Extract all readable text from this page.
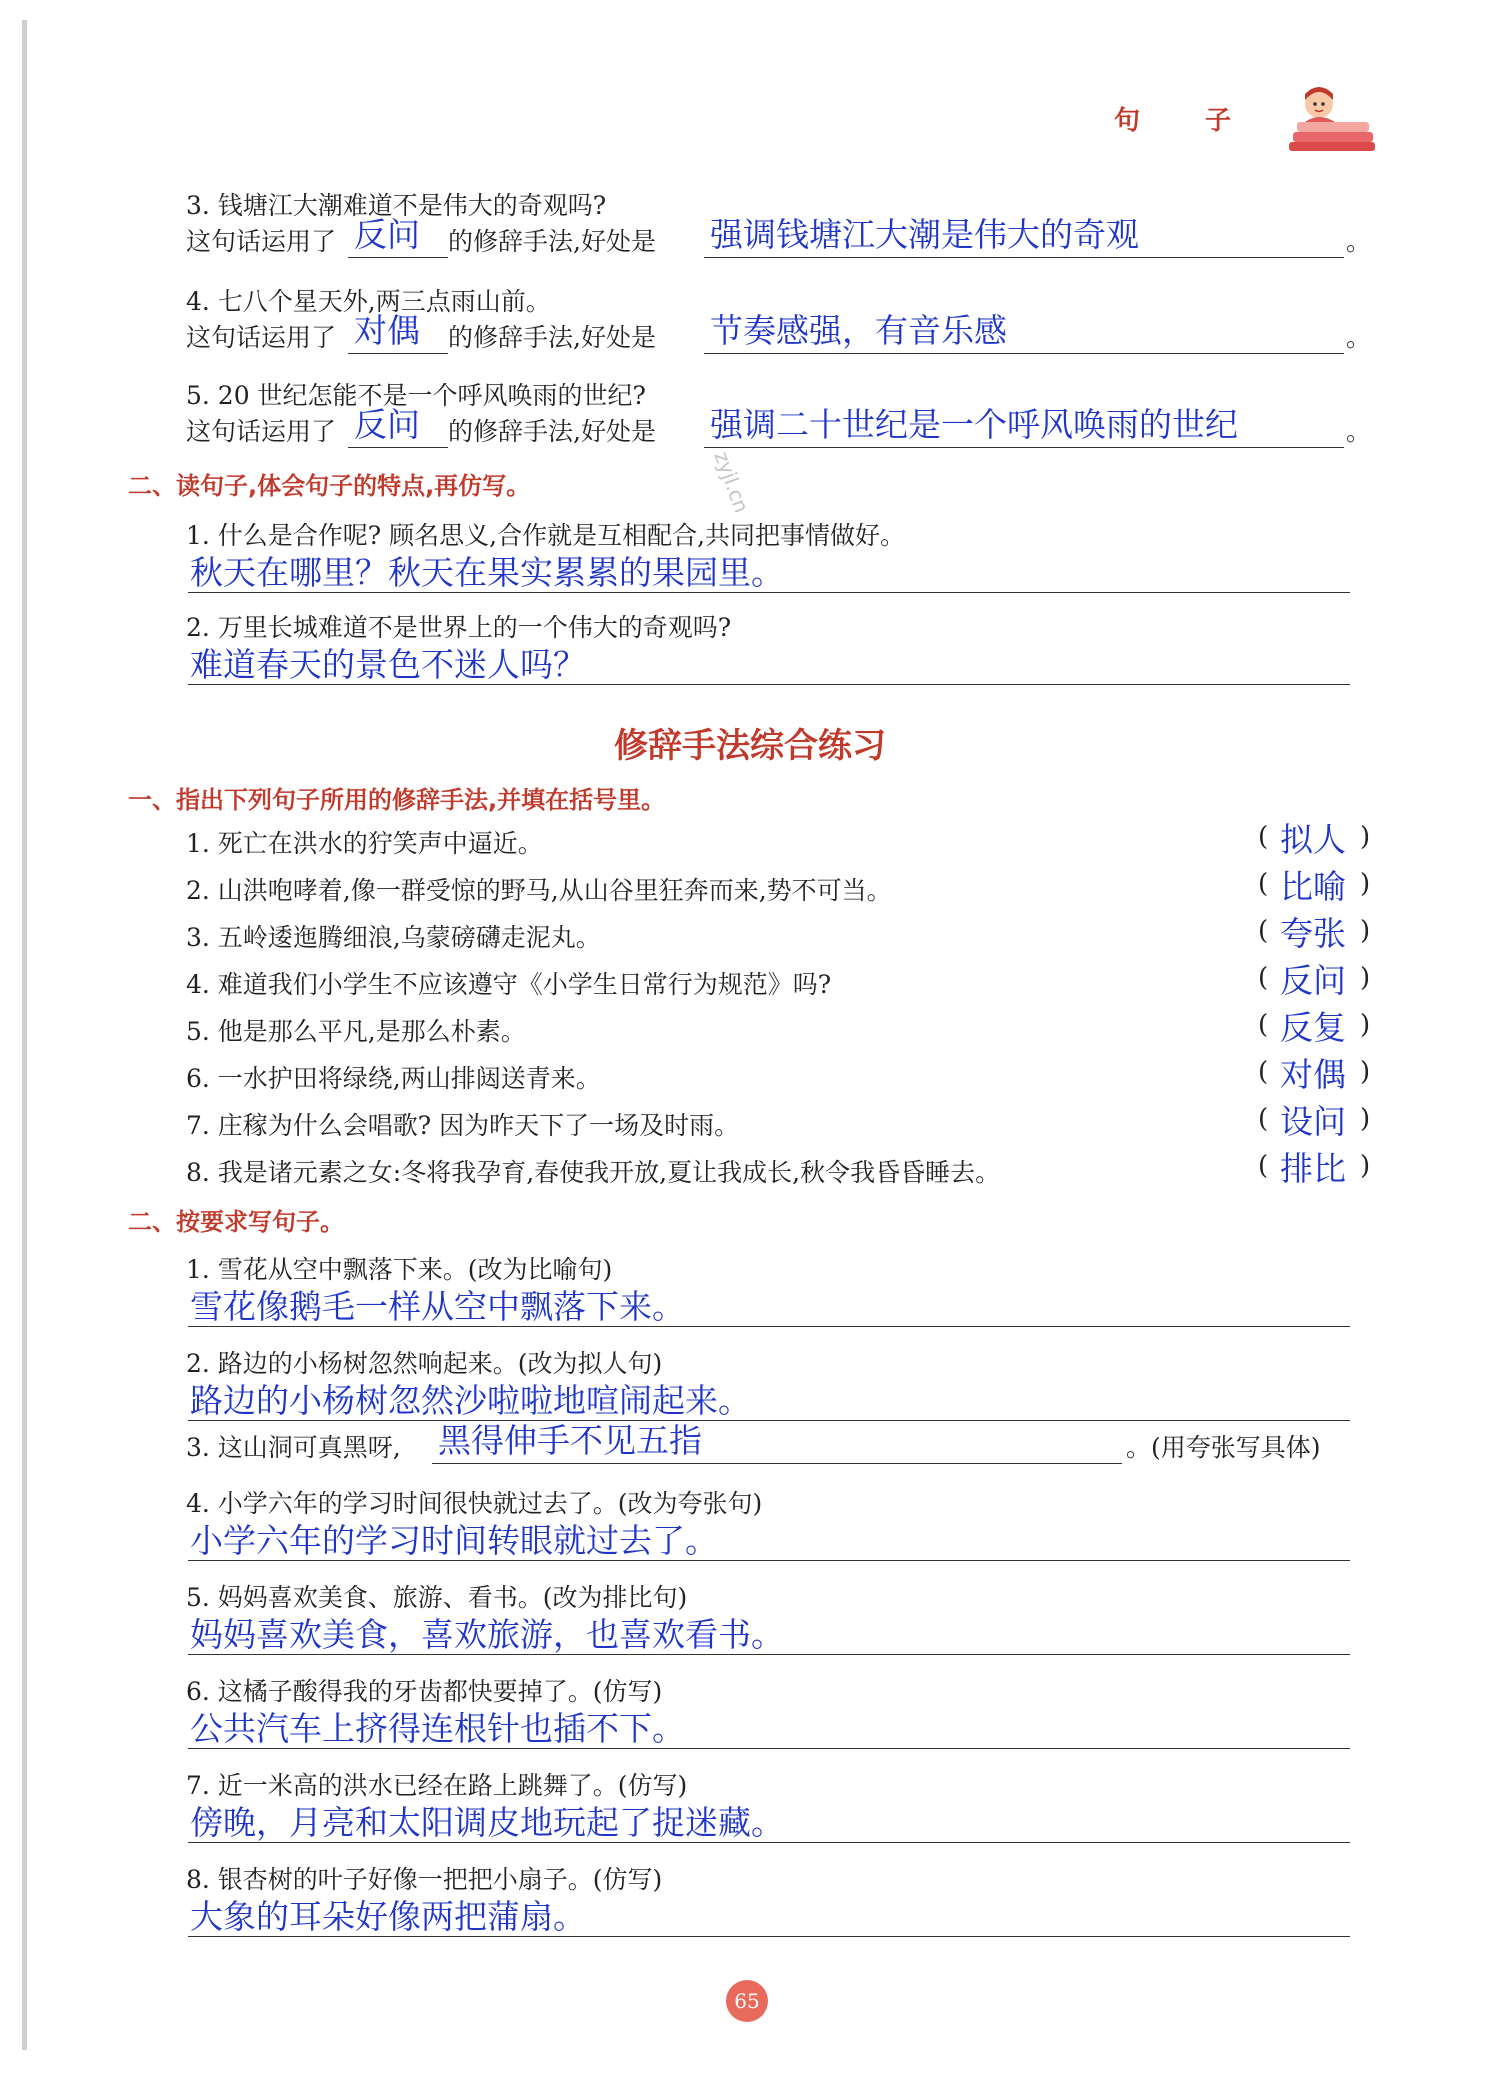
句 子
zyjl.cn
3. 钱塘江大潮难道不是伟大的奇观吗?
这句话运用了 反问 的修辞手法,好处是 强调钱塘江大潮是伟大的奇观	。
4. 七八个星天外,两三点雨山前。
这句话运用了 对偶 的修辞手法,好处是 节奏感强，有音乐感	。
5. 20 世纪怎能不是一个呼风唤雨的世纪?
这句话运用了 反问 的修辞手法,好处是 强调二十世纪是一个呼风唤雨的世纪	。
二、读句子,体会句子的特点,再仿写。
1. 什么是合作呢? 顾名思义,合作就是互相配合,共同把事情做好。
秋天在哪里？秋天在果实累累的果园里。
2. 万里长城难道不是世界上的一个伟大的奇观吗?
难道春天的景色不迷人吗？
修辞手法综合练习
一、指出下列句子所用的修辞手法,并填在括号里。
1. 死亡在洪水的狞笑声中逼近。	( 拟人 )
2. 山洪咆哮着,像一群受惊的野马,从山谷里狂奔而来,势不可当。	( 比喻 )
3. 五岭逶迤腾细浪,乌蒙磅礴走泥丸。	( 夸张 )
4. 难道我们小学生不应该遵守《小学生日常行为规范》吗?	( 反问 )
5. 他是那么平凡,是那么朴素。	( 反复 )
6. 一水护田将绿绕,两山排闼送青来。	( 对偶 )
7. 庄稼为什么会唱歌? 因为昨天下了一场及时雨。	( 设问 )
8. 我是诸元素之女:冬将我孕育,春使我开放,夏让我成长,秋令我昏昏睡去。	( 排比 )
二、按要求写句子。
1. 雪花从空中飘落下来。(改为比喻句)
雪花像鹅毛一样从空中飘落下来。
2. 路边的小杨树忽然响起来。(改为拟人句)
路边的小杨树忽然沙啦啦地喧闹起来。
3. 这山洞可真黑呀, 黑得伸手不见五指	。(用夸张写具体)
4. 小学六年的学习时间很快就过去了。(改为夸张句)
小学六年的学习时间转眼就过去了。
5. 妈妈喜欢美食、旅游、看书。(改为排比句)
妈妈喜欢美食，喜欢旅游，也喜欢看书。
6. 这橘子酸得我的牙齿都快要掉了。(仿写)
公共汽车上挤得连根针也插不下。
7. 近一米高的洪水已经在路上跳舞了。(仿写)
傍晚，月亮和太阳调皮地玩起了捉迷藏。
8. 银杏树的叶子好像一把把小扇子。(仿写)
大象的耳朵好像两把蒲扇。
65
